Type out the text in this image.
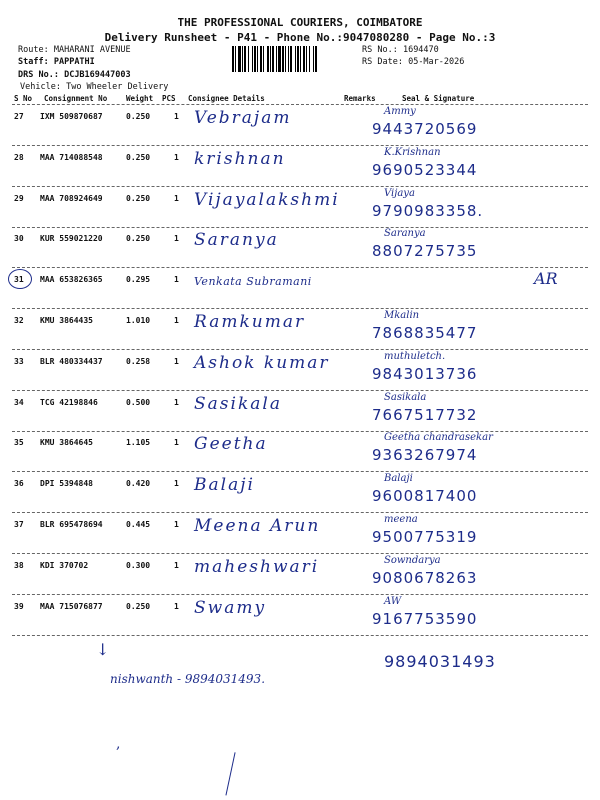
THE PROFESSIONAL COURIERS, COIMBATORE
Delivery Runsheet - P41 - Phone No.:9047080280 - Page No.:3
Route: MAHARANI AVENUE
Staff: PAPPATHI
DRS No.: DCJB169447003
Vehicle: Two Wheeler Delivery
RS No.: 1694470
RS Date: 05-Mar-2026
S No Consignment No	Weight PCS Consignee Details	Remarks	Seal & Signature
27 IXM 509870687	0.250	1 Vebrajam	Ammy
9443720569
28 MAA 714088548	0.250	1 krishnan	K.Krishnan
9690523344
29 MAA 708924649	0.250	1 Vijayalakshmi	Vijaya
9790983358.
30 KUR 559021220	0.250	1 Saranya	Saranya
8807275735
31 MAA 653826365	0.295	1 Venkata Subramani	AR
32 KMU 3864435	1.010	1 Ramkumar	Mkalin
7868835477
33 BLR 480334437	0.258	1 Ashok kumar	muthuletch.
9843013736
34 TCG 42198846	0.500	1 Sasikala	Sasikala
7667517732
35 KMU 3864645	1.105	1 Geetha	Geetha chandrasekar
9363267974
36 DPI 5394848	0.420	1 Balaji	Balaji
9600817400
37 BLR 695478694	0.445	1 Meena Arun	meena
9500775319
38 KDI 370702	0.300	1 maheshwari	Sowndarya
9080678263
39 MAA 715076877	0.250	1 Swamy	AW
9167753590
9894031493
↓
nishwanth - 9894031493.
,
